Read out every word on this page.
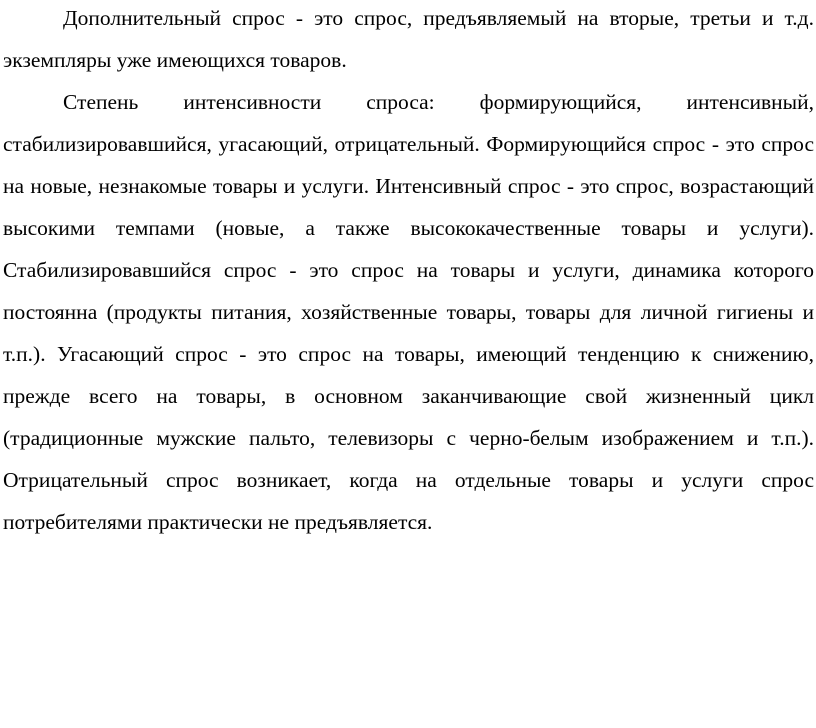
Дополнительный спрос - это спрос, предъявляемый на вторые, третьи и т.д. экземпляры уже имеющихся товаров.

Степень интенсивности спроса: формирующийся, интенсивный, стабилизировавшийся, угасающий, отрицательный. Формирующийся спрос - это спрос на новые, незнакомые товары и услуги. Интенсивный спрос - это спрос, возрастающий высокими темпами (новые, а также высококачественные товары и услуги). Стабилизировавшийся спрос - это спрос на товары и услуги, динамика которого постоянна (продукты питания, хозяйственные товары, товары для личной гигиены и т.п.). Угасающий спрос - это спрос на товары, имеющий тенденцию к снижению, прежде всего на товары, в основном заканчивающие свой жизненный цикл (традиционные мужские пальто, телевизоры с черно-белым изображением и т.п.). Отрицательный спрос возникает, когда на отдельные товары и услуги спрос потребителями практически не предъявляется.
